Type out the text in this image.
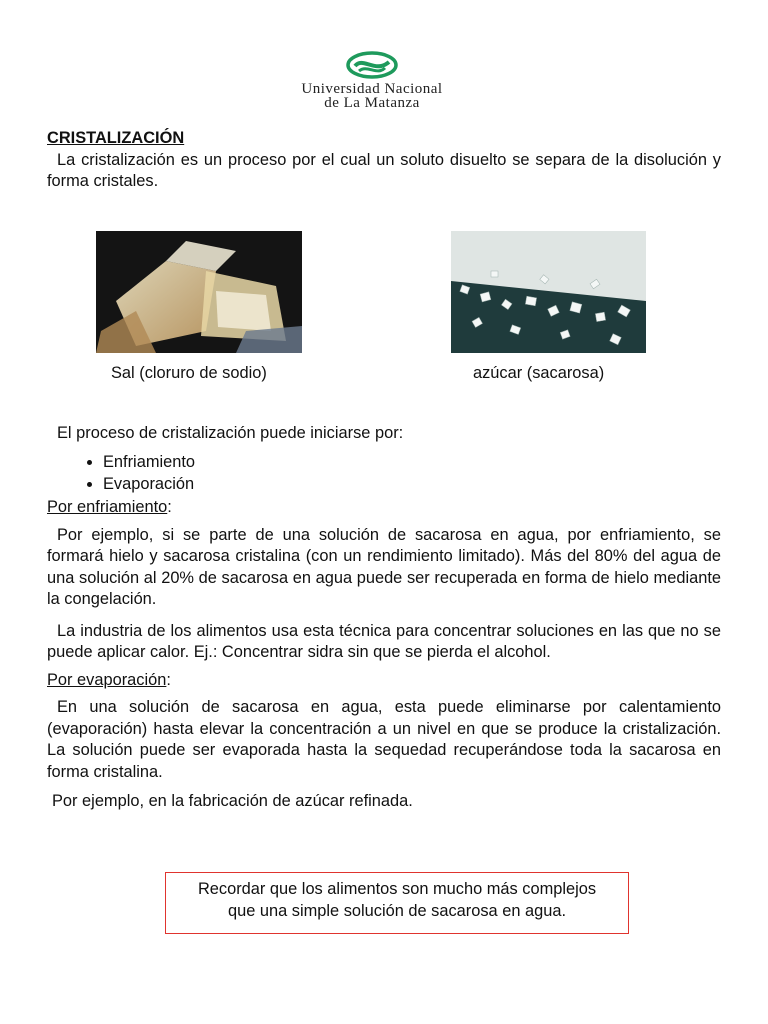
Universidad Nacional
de La Matanza

CRISTALIZACIÓN

La cristalización es un proceso por el cual un soluto disuelto se separa de la disolución y forma cristales.

Sal (cloruro de sodio)	azúcar (sacarosa)

El proceso de cristalización puede iniciarse por:

• Enfriamiento
• Evaporación

Por enfriamiento:

Por ejemplo, si se parte de una solución de sacarosa en agua, por enfriamiento, se formará hielo y sacarosa cristalina (con un rendimiento limitado). Más del 80% del agua de una solución al 20% de sacarosa en agua puede ser recuperada en forma de hielo mediante la congelación.

La industria de los alimentos usa esta técnica para concentrar soluciones en las que no se puede aplicar calor. Ej.: Concentrar sidra sin que se pierda el alcohol.

Por evaporación:

En una solución de sacarosa en agua, esta puede eliminarse por calentamiento (evaporación) hasta elevar la concentración a un nivel en que se produce la cristalización. La solución puede ser evaporada hasta la sequedad recuperándose toda la sacarosa en forma cristalina.

Por ejemplo, en la fabricación de azúcar refinada.

Recordar que los alimentos son mucho más complejos
que una simple solución de sacarosa en agua.
